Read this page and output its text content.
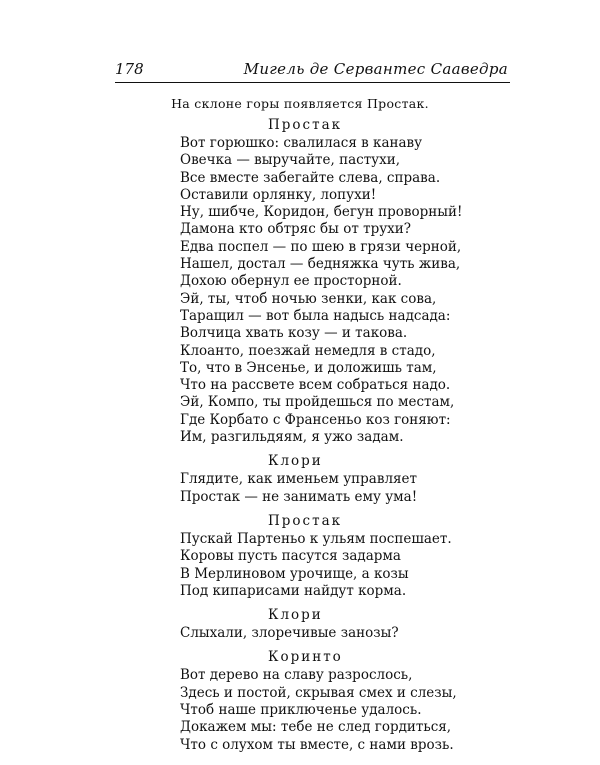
178	Мигель де Сервантес Сааведра
На склоне горы появляется Простак.
Простак
Вот горюшко: свалилася в канаву
Овечка — выручайте, пастухи,
Все вместе забегайте слева, справа.
Оставили орлянку, лопухи!
Ну, шибче, Коридон, бегун проворный!
Дамона кто обтряс бы от трухи?
Едва поспел — по шею в грязи черной,
Нашел, достал — бедняжка чуть жива,
Дохою обернул ее просторной.
Эй, ты, чтоб ночью зенки, как сова,
Таращил — вот была надысь надсада:
Волчица хвать козу — и такова.
Клоанто, поезжай немедля в стадо,
То, что в Энсенье, и доложишь там,
Что на рассвете всем собраться надо.
Эй, Компо, ты пройдешься по местам,
Где Корбато с Франсеньо коз гоняют:
Им, разгильдяям, я ужо задам.
Клори
Глядите, как именьем управляет
Простак — не занимать ему ума!
Простак
Пускай Партеньо к ульям поспешает.
Коровы пусть пасутся задарма
В Мерлиновом урочище, а козы
Под кипарисами найдут корма.
Клори
Слыхали, злоречивые занозы?
Коринто
Вот дерево на славу разрослось,
Здесь и постой, скрывая смех и слезы,
Чтоб наше приключенье удалось.
Докажем мы: тебе не след гордиться,
Что с олухом ты вместе, с нами врозь.
